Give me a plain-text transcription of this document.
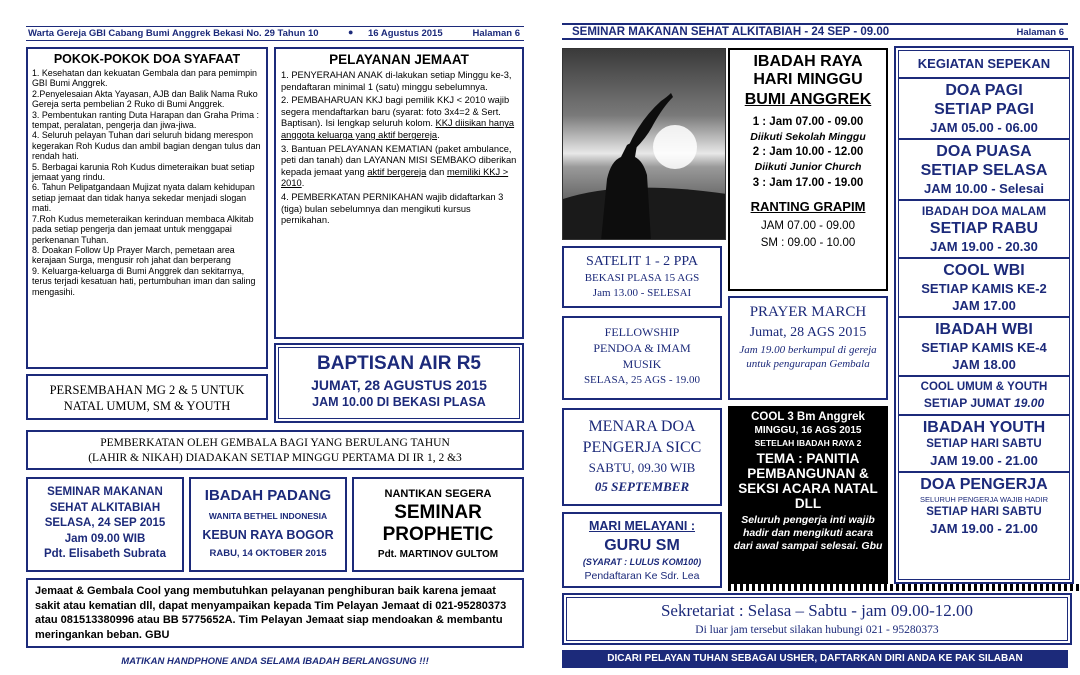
Warta Gereja GBI Cabang Bumi Anggrek Bekasi No. 29 Tahun 10	● 16 Agustus 2015	Halaman 6
POKOK-POKOK DOA SYAFAAT
1. Kesehatan dan kekuatan Gembala dan para pemimpin GBI Bumi Anggrek.
2.Penyelesaian Akta Yayasan, AJB dan Balik Nama Ruko Gereja serta pembelian 2 Ruko di Bumi Anggrek.
3. Pembentukan ranting Duta Harapan dan Graha Prima : tempat, peralatan, pengerja dan jiwa-jiwa.
4. Seluruh pelayan Tuhan dari seluruh bidang merespon kegerakan Roh Kudus dan ambil bagian dengan tulus dan rendah hati.
5. Berbagai karunia Roh Kudus dimeteraikan buat setiap jemaat yang rindu.
6. Tahun Pelipatgandaan Mujizat nyata dalam kehidupan setiap jemaat dan tidak hanya sekedar menjadi slogan mati.
7.Roh Kudus memeteraikan kerinduan membaca Alkitab pada setiap pengerja dan jemaat untuk menggapai perkenanan Tuhan.
8. Doakan Follow Up Prayer March, pemetaan area kerajaan Surga, mengusir roh jahat dan berperang
9. Keluarga-keluarga di Bumi Anggrek dan sekitarnya, terus terjadi kesatuan hati, pertumbuhan iman dan saling mengasihi.
PELAYANAN JEMAAT
1. PENYERAHAN ANAK di-lakukan setiap Minggu ke-3, pendaftaran minimal 1 (satu) minggu sebelumnya.
2. PEMBAHARUAN KKJ bagi pemilik KKJ < 2010 wajib segera mendaftarkan baru (syarat: foto 3x4=2 & Sert. Baptisan). Isi lengkap seluruh kolom. KKJ diisikan hanya anggota keluarga yang aktif bergereja.
3. Bantuan PELAYANAN KEMATIAN (paket ambulance, peti dan tanah) dan LAYANAN MISI SEMBAKO diberikan kepada jemaat yang aktif bergereja dan memiliki KKJ > 2010.
4. PEMBERKATAN PERNIKAHAN wajib didaftarkan 3 (tiga) bulan sebelumnya dan mengikuti kursus pernikahan.
PERSEMBAHAN MG 2 & 5 UNTUK
NATAL UMUM, SM & YOUTH
BAPTISAN AIR R5
JUMAT, 28 AGUSTUS 2015
JAM 10.00 DI BEKASI PLASA
PEMBERKATAN OLEH GEMBALA BAGI YANG BERULANG TAHUN
(LAHIR & NIKAH) DIADAKAN SETIAP MINGGU PERTAMA DI IR 1, 2 &3
SEMINAR MAKANAN
SEHAT ALKITABIAH
SELASA, 24 SEP 2015
Jam 09.00 WIB
Pdt. Elisabeth Subrata
IBADAH PADANG
WANITA BETHEL INDONESIA
KEBUN RAYA BOGOR
RABU, 14 OKTOBER 2015
NANTIKAN SEGERA
SEMINAR
PROPHETIC
Pdt. MARTINOV GULTOM
Jemaat & Gembala Cool yang membutuhkan pelayanan penghiburan baik karena jemaat sakit atau kematian dll, dapat menyampaikan kepada Tim Pelayan Jemaat di 021-95280373 atau 081513380996 atau BB 5775652A. Tim Pelayan Jemaat siap mendoakan & membantu meringankan beban. GBU
MATIKAN HANDPHONE ANDA SELAMA IBADAH BERLANGSUNG !!!
SEMINAR MAKANAN SEHAT ALKITABIAH - 24 SEP - 09.00	Halaman 6
IBADAH RAYA
HARI MINGGU
BUMI ANGGREK
1 : Jam 07.00 - 09.00
Diikuti Sekolah Minggu
2 : Jam 10.00 - 12.00
Diikuti Junior Church
3 : Jam 17.00 - 19.00
RANTING GRAPIM
JAM 07.00 - 09.00
SM : 09.00 - 10.00
SATELIT 1 - 2 PPA
BEKASI PLASA 15 AGS
Jam 13.00 - SELESAI
PRAYER MARCH
Jumat, 28 AGS 2015
Jam 19.00 berkumpul di gereja untuk pengurapan Gembala
FELLOWSHIP
PENDOA & IMAM
MUSIK
SELASA, 25 AGS - 19.00
MENARA DOA
PENGERJA SICC
SABTU, 09.30 WIB
05 SEPTEMBER
COOL 3 Bm Anggrek
MINGGU, 16 AGS 2015
SETELAH IBADAH RAYA 2
TEMA : PANITIA PEMBANGUNAN & SEKSI ACARA NATAL DLL
Seluruh pengerja inti wajib hadir dan mengikuti acara dari awal sampai selesai. Gbu
MARI MELAYANI :
GURU SM
(SYARAT : LULUS KOM100)
Pendaftaran Ke Sdr. Lea
KEGIATAN SEPEKAN
DOA PAGI
SETIAP PAGI
JAM 05.00 - 06.00
DOA PUASA
SETIAP SELASA
JAM 10.00 - Selesai
IBADAH DOA MALAM
SETIAP RABU
JAM 19.00 - 20.30
COOL WBI
SETIAP KAMIS KE-2
JAM 17.00
IBADAH WBI
SETIAP KAMIS KE-4
JAM 18.00
COOL UMUM & YOUTH
SETIAP JUMAT 19.00
IBADAH YOUTH
SETIAP HARI SABTU
JAM 19.00 - 21.00
DOA PENGERJA
SELURUH PENGERJA WAJIB HADIR
SETIAP HARI SABTU
JAM 19.00 - 21.00
Sekretariat : Selasa – Sabtu - jam 09.00-12.00
Di luar jam tersebut silakan hubungi 021 - 95280373
DICARI PELAYAN TUHAN SEBAGAI USHER, DAFTARKAN DIRI ANDA KE PAK SILABAN
